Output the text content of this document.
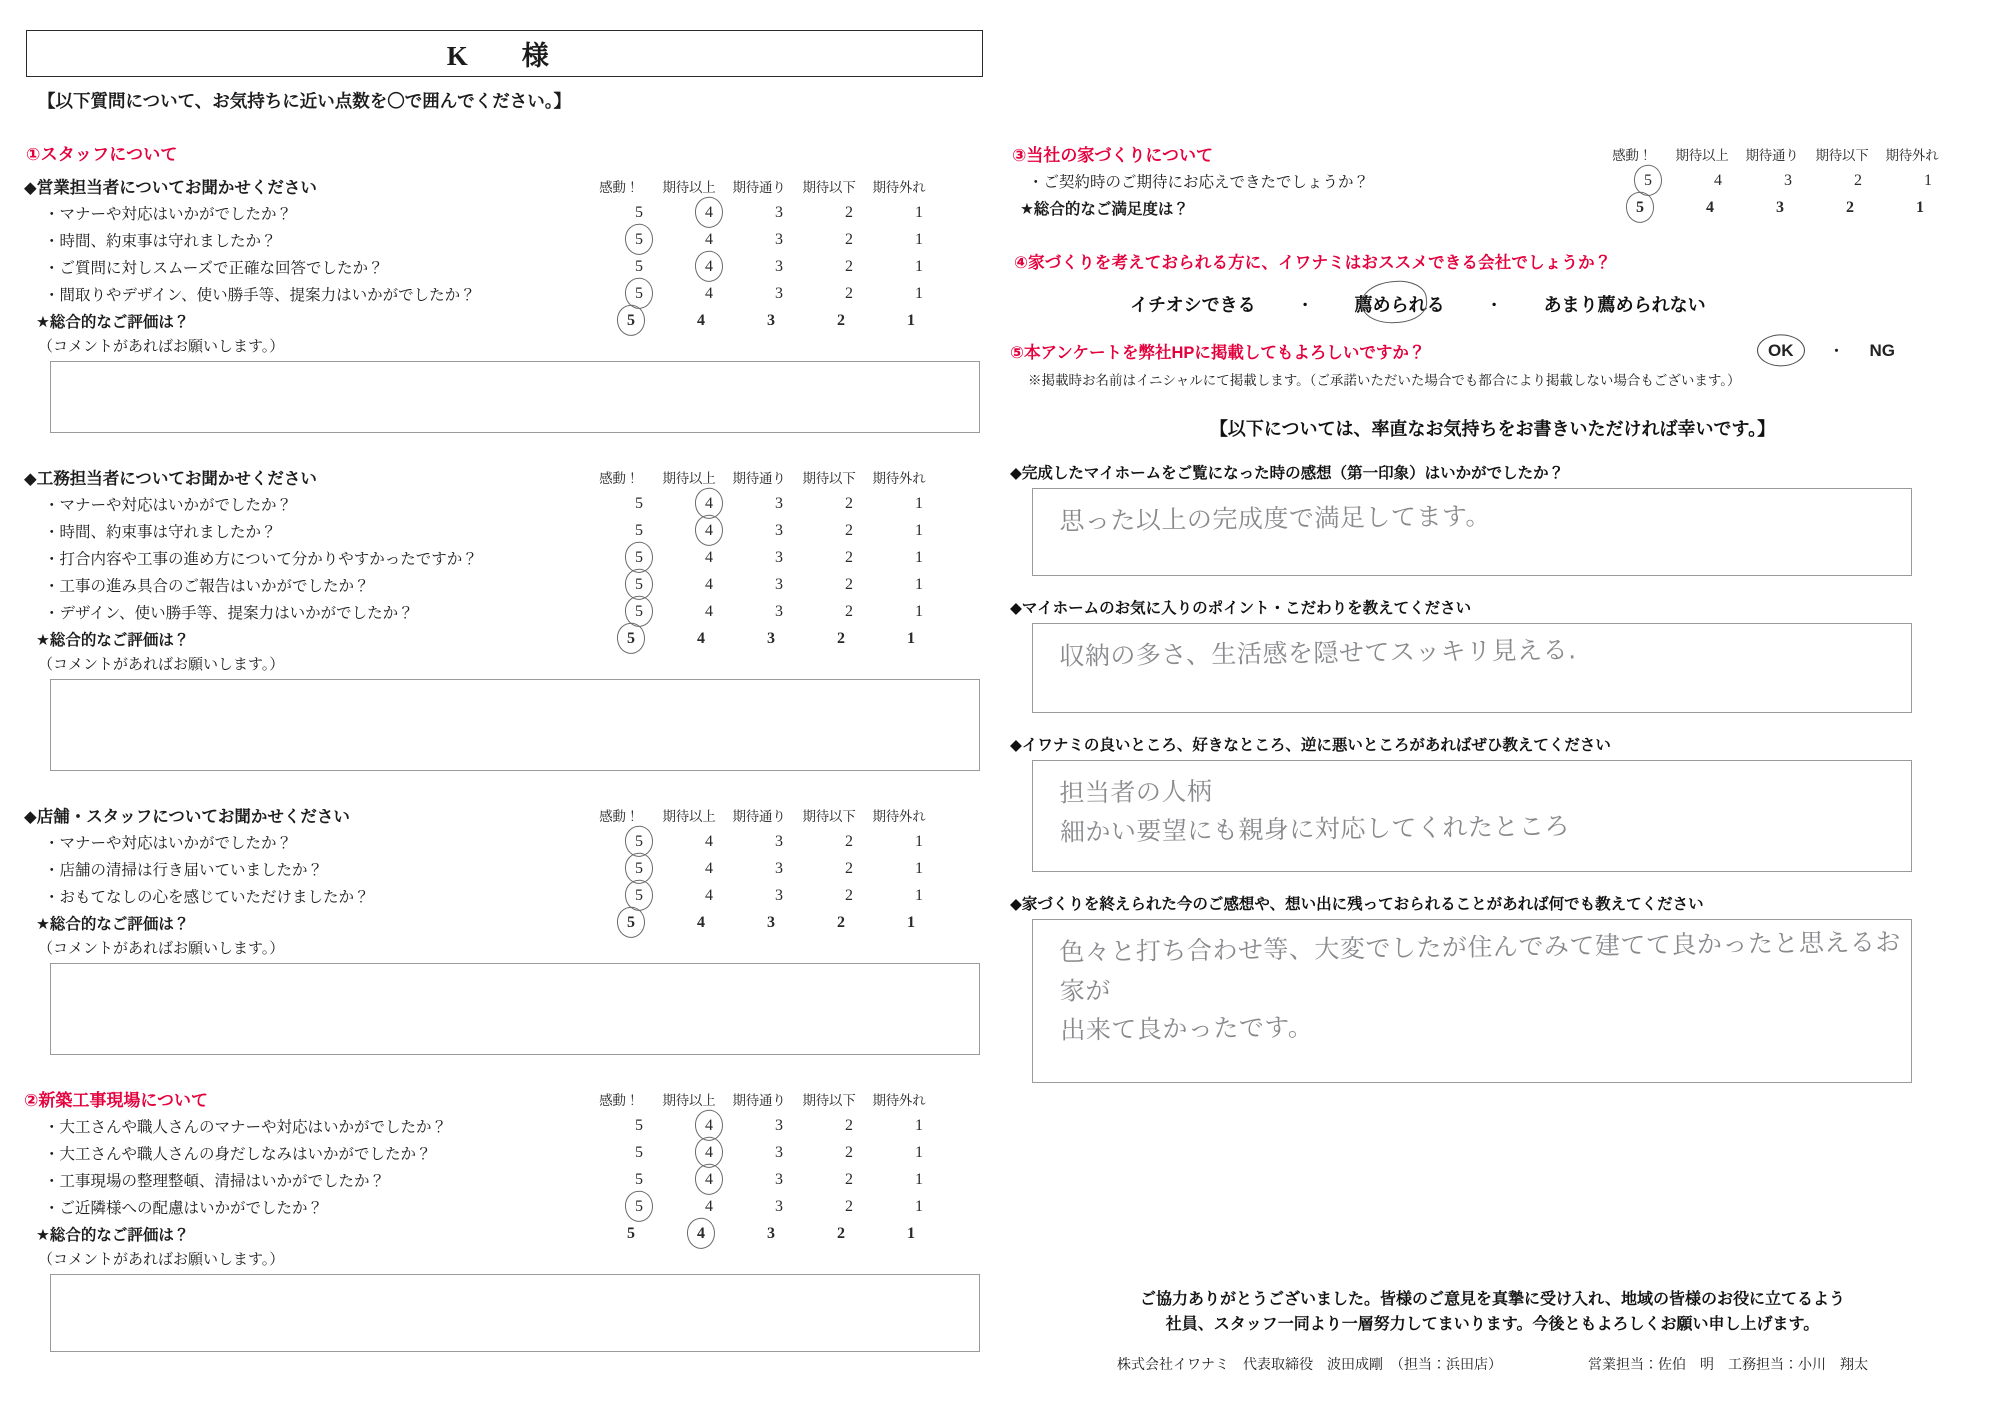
K　様
【以下質問について、お気持ちに近い点数を〇で囲んでください。】
①スタッフについて
◆営業担当者についてお聞かせください	感動！	期待以上	期待通り	期待以下	期待外れ
・マナーや対応はいかがでしたか？	5	4	3	2	1
・時間、約束事は守れましたか？	5	4	3	2	1
・ご質問に対しスムーズで正確な回答でしたか？	5	4	3	2	1
・間取りやデザイン、使い勝手等、提案力はいかがでしたか？	5	4	3	2	1
★総合的なご評価は？	5	4	3	2	1
（コメントがあればお願いします。）
◆工務担当者についてお聞かせください	感動！	期待以上	期待通り	期待以下	期待外れ
・マナーや対応はいかがでしたか？	5	4	3	2	1
・時間、約束事は守れましたか？	5	4	3	2	1
・打合内容や工事の進め方について分かりやすかったですか？	5	4	3	2	1
・工事の進み具合のご報告はいかがでしたか？	5	4	3	2	1
・デザイン、使い勝手等、提案力はいかがでしたか？	5	4	3	2	1
★総合的なご評価は？	5	4	3	2	1
（コメントがあればお願いします。）
◆店舗・スタッフについてお聞かせください	感動！	期待以上	期待通り	期待以下	期待外れ
・マナーや対応はいかがでしたか？	5	4	3	2	1
・店舗の清掃は行き届いていましたか？	5	4	3	2	1
・おもてなしの心を感じていただけましたか？	5	4	3	2	1
★総合的なご評価は？	5	4	3	2	1
（コメントがあればお願いします。）
②新築工事現場について	感動！	期待以上	期待通り	期待以下	期待外れ
・大工さんや職人さんのマナーや対応はいかがでしたか？	5	4	3	2	1
・大工さんや職人さんの身だしなみはいかがでしたか？	5	4	3	2	1
・工事現場の整理整頓、清掃はいかがでしたか？	5	4	3	2	1
・ご近隣様への配慮はいかがでしたか？	5	4	3	2	1
★総合的なご評価は？	5	4	3	2	1
（コメントがあればお願いします。）
③当社の家づくりについて	感動！	期待以上	期待通り	期待以下	期待外れ
・ご契約時のご期待にお応えできたでしょうか？	5	4	3	2	1
★総合的なご満足度は？	5	4	3	2	1
④家づくりを考えておられる方に、イワナミはおススメできる会社でしょうか？
イチオシできる	・ 薦められる	・ あまり薦められない
⑤本アンケートを弊社HPに掲載してもよろしいですか？	OK	・ NG
※掲載時お名前はイニシャルにて掲載します。（ご承諾いただいた場合でも都合により掲載しない場合もございます。）
【以下については、率直なお気持ちをお書きいただければ幸いです。】
◆完成したマイホームをご覧になった時の感想（第一印象）はいかがでしたか？
思った以上の完成度で満足してます。
◆マイホームのお気に入りのポイント・こだわりを教えてください
収納の多さ、生活感を隠せてスッキリ見える.
◆イワナミの良いところ、好きなところ、逆に悪いところがあればぜひ教えてください
担当者の人柄
細かい要望にも親身に対応してくれたところ
◆家づくりを終えられた今のご感想や、想い出に残っておられることがあれば何でも教えてください
色々と打ち合わせ等、大変でしたが住んでみて建てて良かったと思えるお家が
出来て良かったです。
ご協力ありがとうございました。皆様のご意見を真摯に受け入れ、地域の皆様のお役に立てるよう
社員、スタッフ一同より一層努力してまいります。今後ともよろしくお願い申し上げます。
株式会社イワナミ　代表取締役　波田成剛　（担当：浜田店）	営業担当：佐伯　明　工務担当：小川　翔太
